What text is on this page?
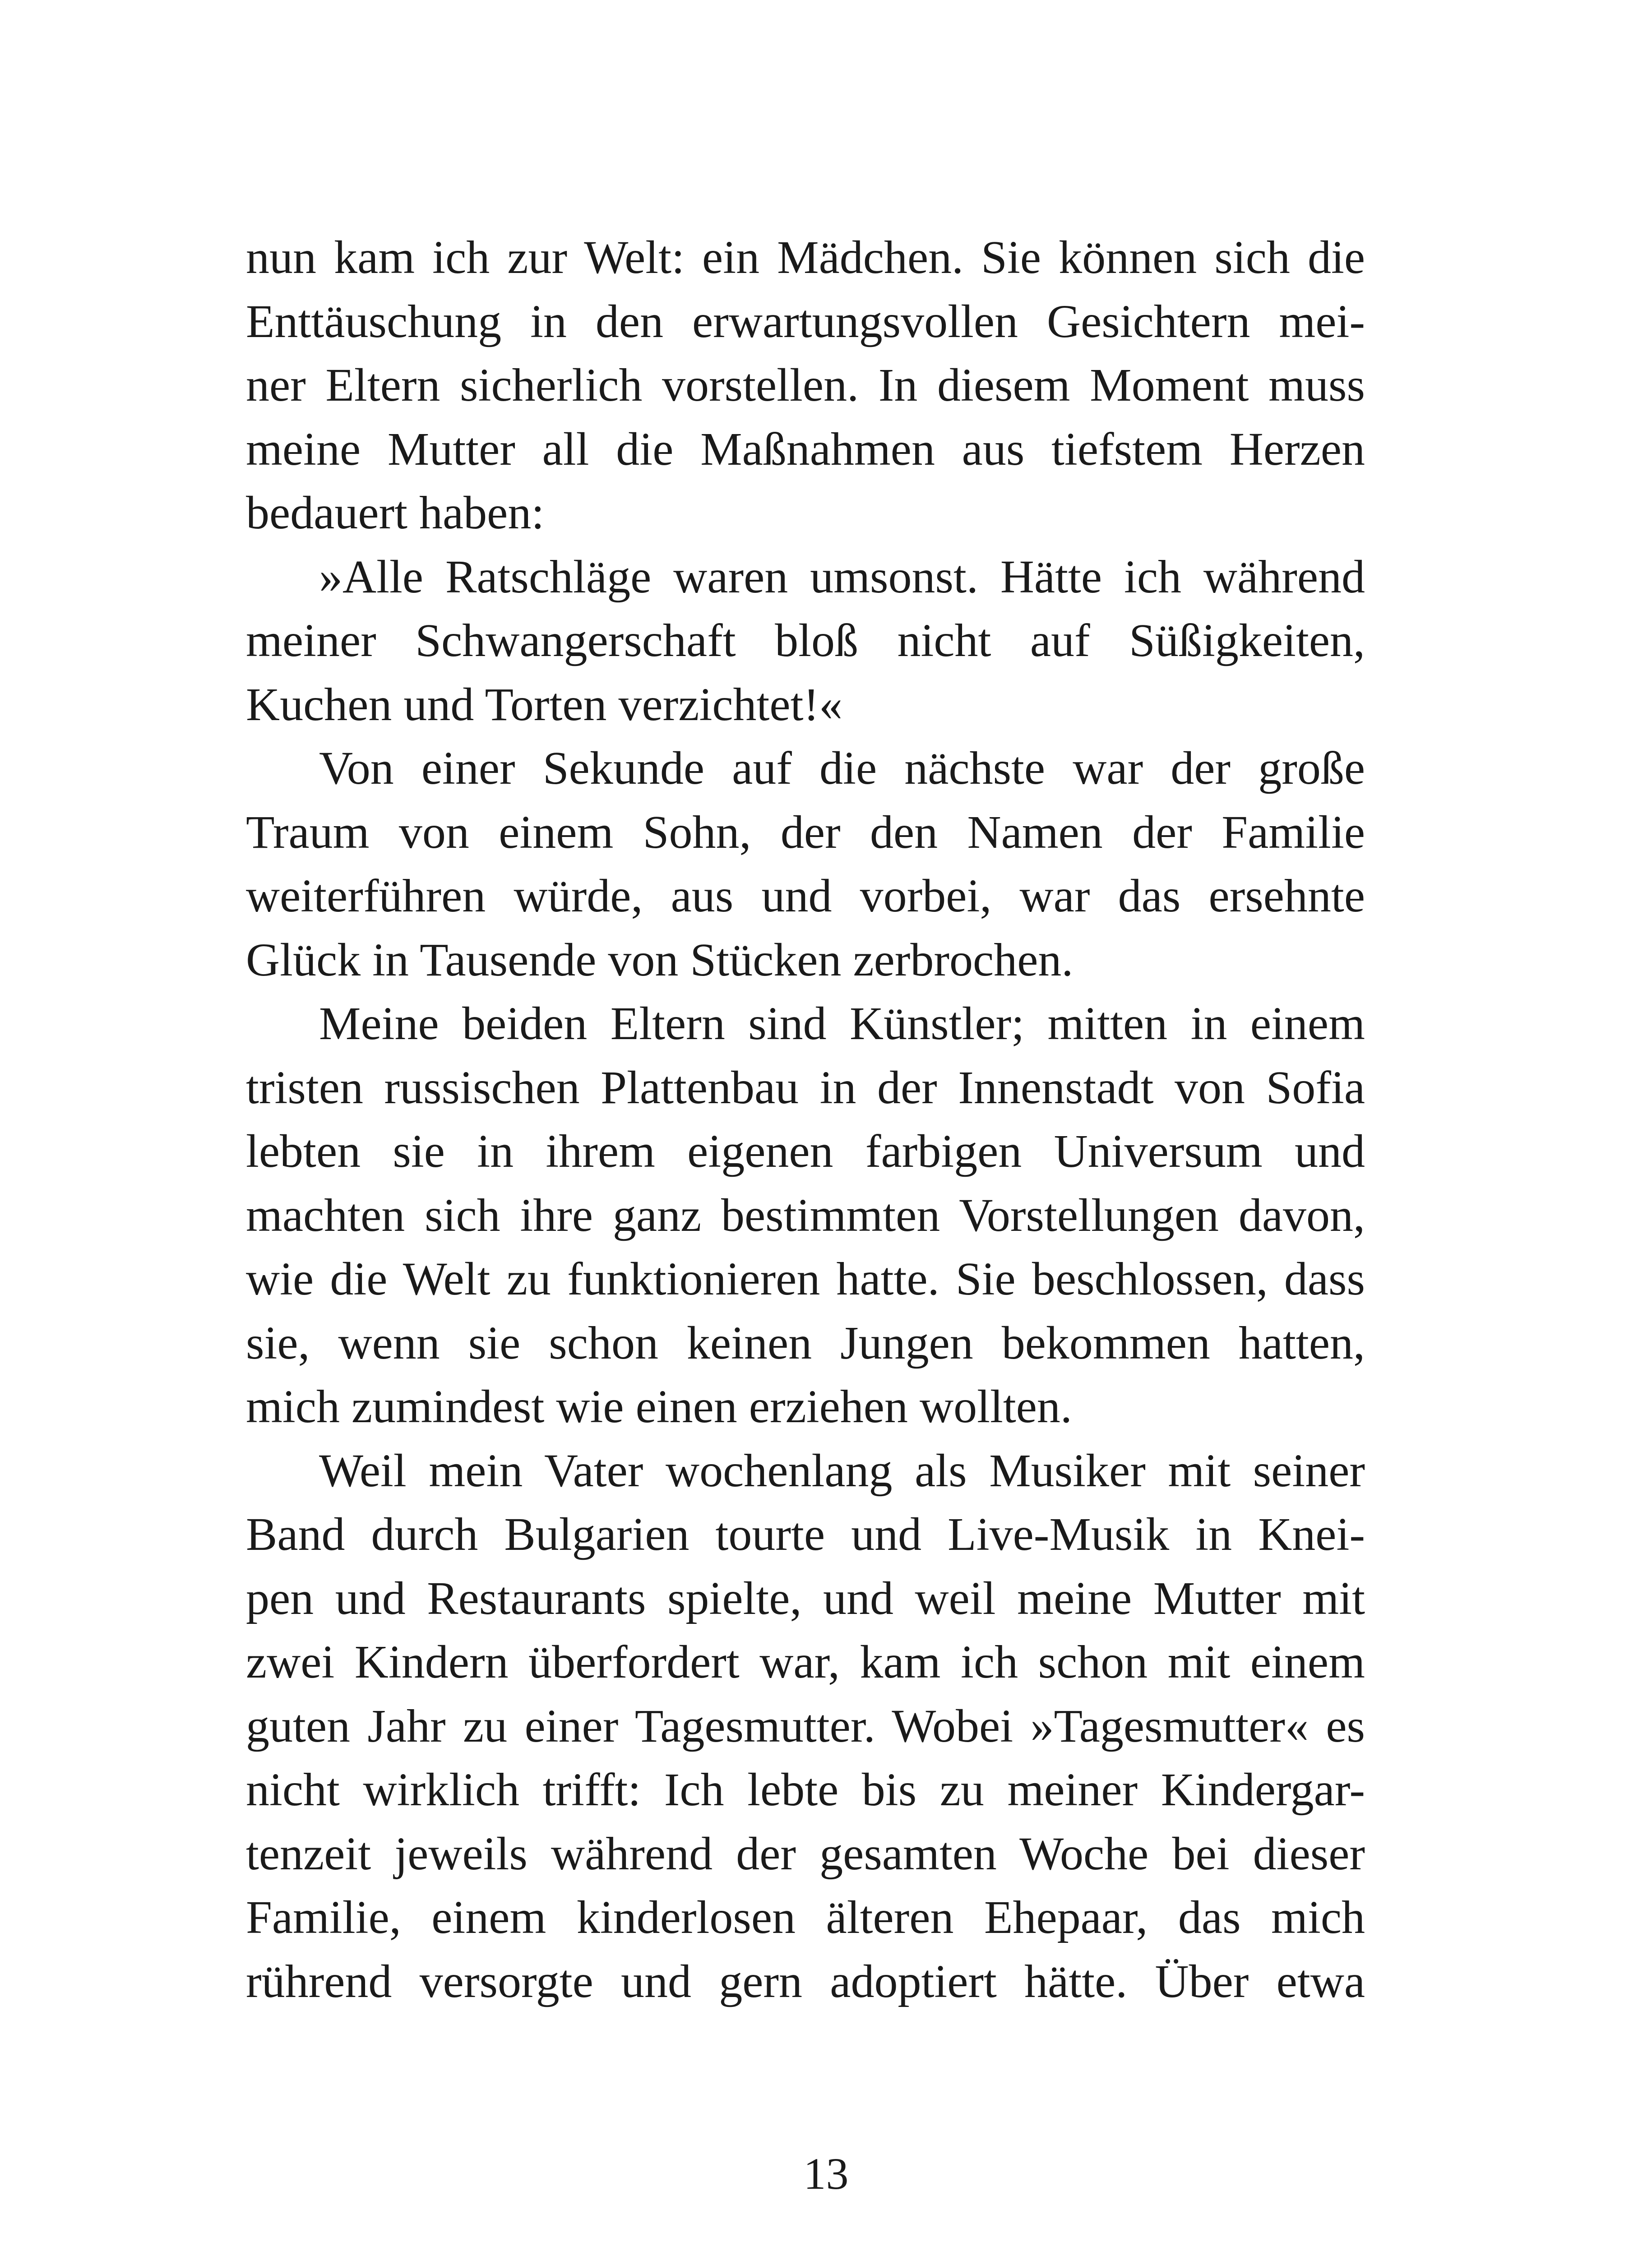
nun kam ich zur Welt: ein Mädchen. Sie können sich die
Enttäuschung in den erwartungsvollen Gesichtern mei-
ner Eltern sicherlich vorstellen. In diesem Moment muss
meine Mutter all die Maßnahmen aus tiefstem Herzen
bedauert haben:
»Alle Ratschläge waren umsonst. Hätte ich während
meiner Schwangerschaft bloß nicht auf Süßigkeiten,
Kuchen und Torten verzichtet!«
Von einer Sekunde auf die nächste war der große
Traum von einem Sohn, der den Namen der Familie
weiterführen würde, aus und vorbei, war das ersehnte
Glück in Tausende von Stücken zerbrochen.
Meine beiden Eltern sind Künstler; mitten in einem
tristen russischen Plattenbau in der Innenstadt von Sofia
lebten sie in ihrem eigenen farbigen Universum und
machten sich ihre ganz bestimmten Vorstellungen davon,
wie die Welt zu funktionieren hatte. Sie beschlossen, dass
sie, wenn sie schon keinen Jungen bekommen hatten,
mich zumindest wie einen erziehen wollten.
Weil mein Vater wochenlang als Musiker mit seiner
Band durch Bulgarien tourte und Live-Musik in Knei-
pen und Restaurants spielte, und weil meine Mutter mit
zwei Kindern überfordert war, kam ich schon mit einem
guten Jahr zu einer Tagesmutter. Wobei »Tagesmutter« es
nicht wirklich trifft: Ich lebte bis zu meiner Kindergar-
tenzeit jeweils während der gesamten Woche bei dieser
Familie, einem kinderlosen älteren Ehepaar, das mich
rührend versorgte und gern adoptiert hätte. Über etwa
13
